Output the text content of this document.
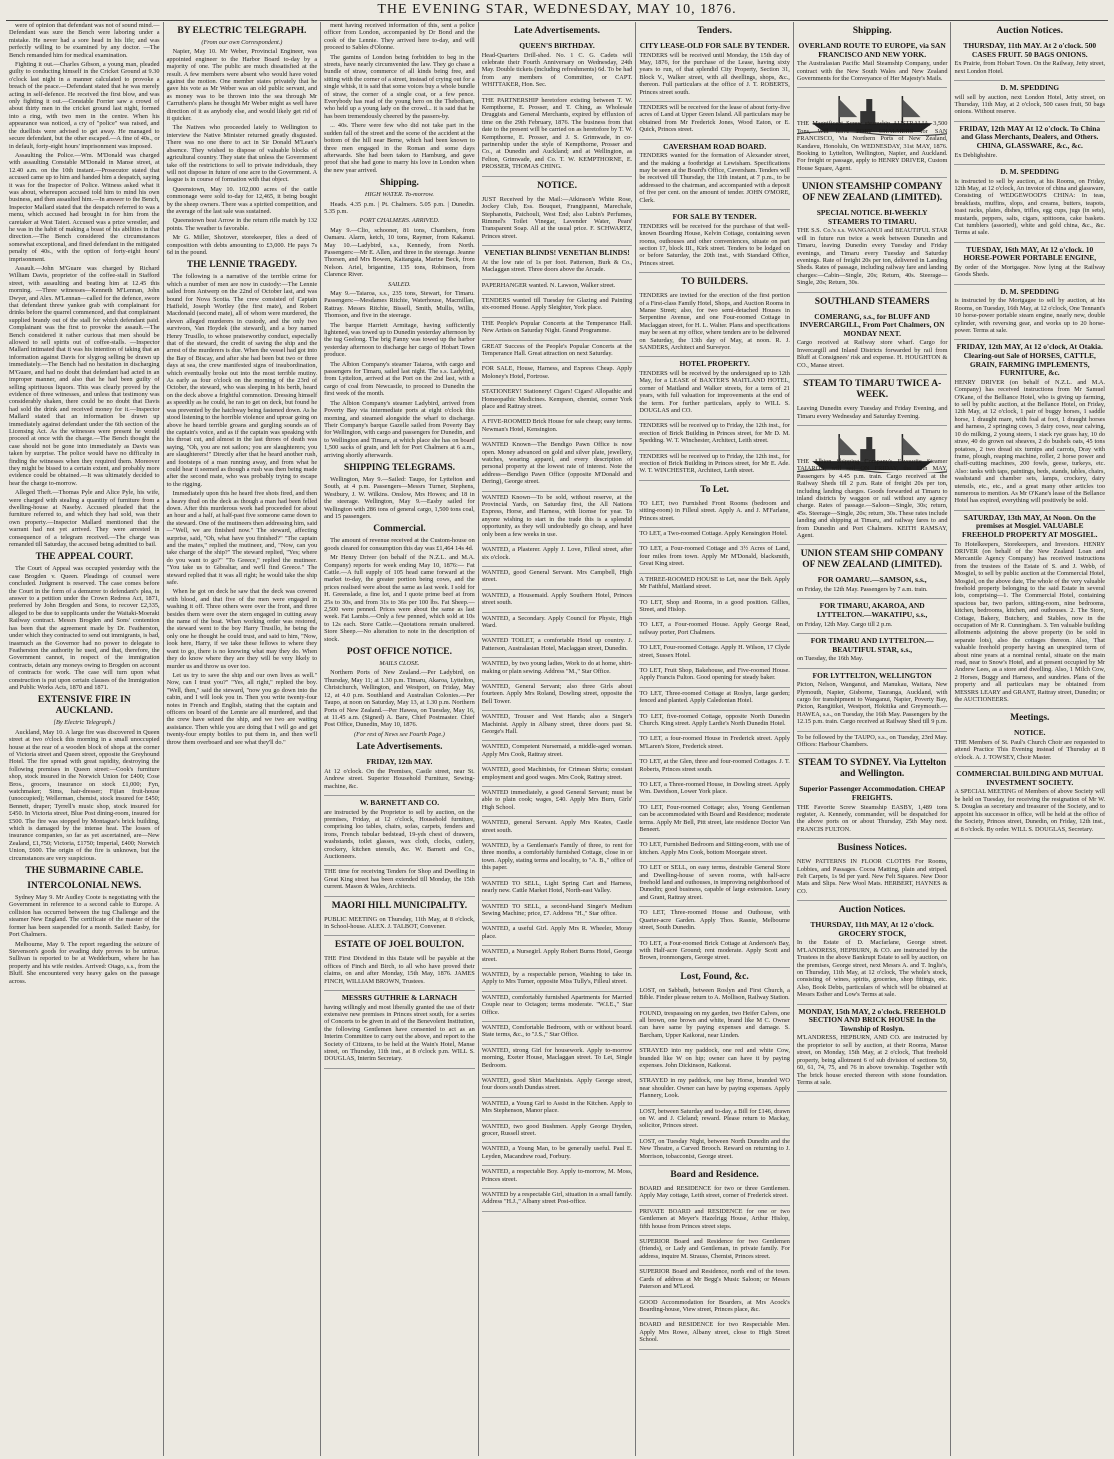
THE EVENING STAR, WEDNESDAY, MAY 10, 1876.

were of opinion that defendant was not of sound mind.—Defendant was sure the Bench were laboring under a mistake. He never had a sore head in his life; and was perfectly willing to be examined by any doctor. —The Bench remanded him for medical examination.

Fighting it out.—Charles Gibson, a young man, pleaded guilty to conducting himself in the Cricket Ground at 9.30 o'clock last night in a manner calculated to provoke a breach of the peace.—Defendant stated that he was merely acting in self-defence. He received the first blow, and was only fighting it out.—Constable Forrier saw a crowd of about thirty men in the cricket ground last night, formed into a ring, with two men in the centre. When his appearance was noticed, a cry of "police" was raised, and the duellists were advised to get away. He managed to secure defendant, but the other escaped.—A fine of 40s., or in default, forty-eight hours' imprisonment was imposed.

Assaulting the Police.—Wm. M'Donald was charged with assaulting Constable M'Donald in Manse street, at 12.40 a.m. on the 10th instant.—Prosecutor stated that accused came up to him and handed him a despatch, saying it was for the Inspector of Police. Witness asked what it was about, whereupon accused told him to mind his own business, and then assaulted him.—In answer to the Bench, Inspector Mallard stated that the despatch referred to was a menu, which accused had brought in for him from the caretaker at West Taieri. Accused was a prize wrestler, and he was in the habit of making a boast of his abilities in that direction.—The Bench considered the circumstances somewhat exceptional, and fined defendant in the mitigated penalty of 40s., with the option of forty-eight hours' imprisonment.

Assault.—John M'Guare was charged by Richard William Davis, proprietor of the coffee-stall in Stafford street, with assaulting and beating him at 12.45 this morning. —Three witnesses—Kenneth M'Lennan, John Dwyer, and Alex. M'Lennan—called for the defence, swore that defendant threw yankee grab with complainant for drinks before the quarrel commenced, and that complainant supplied brandy out of the stall for which defendant paid. Complainant was the first to provoke the assault.—The Bench considered it rather curious that men should be allowed to sell spirits out of coffee-stalls. —Inspector Mallard intimated that it was his intention of taking that an information against Davis for slygrog selling be drawn up immediately.—The Bench had no hesitation in discharging M'Guare, and had no doubt that defendant had acted in an improper manner, and also that he had been guilty of selling spirituous liquors. This was clearly proved by the evidence of three witnesses, and unless that testimony was considerably shaken, there could be no doubt that Davis had sold the drink and received money for it.—Inspector Mallard stated that an information be drawn up immediately against defendant under the 6th section of the Licensing Act. As the witnesses were present he would proceed at once with the charge.—The Bench thought the case should not be gone into immediately as Davis was taken by surprise. The police would have no difficulty in finding the witnesses when they required them. Moreover they might be bissed to a certain extent, and probably more evidence could be obtained.—It was ultimately decided to hear the charge to-morrow.

Alleged Theft.—Thomas Pyle and Alice Pyle, his wife, were charged with stealing a quantity of furniture from a dwelling-house at Naseby. Accused pleaded that the furniture referred to, and which they had sold, was their own property.—Inspector Mallard mentioned that the warrant had not yet arrived. They were arrested in consequence of a telegram received.—The charge was remanded till Saturday, the accused being admitted to bail.

THE APPEAL COURT.

The Court of Appeal was occupied yesterday with the case Brogden v. Queen. Pleadings of counsel were concluded. Judgment is reserved. The case comes before the Court in the form of a demurrer to defendant's plea, in answer to a petition under the Crown Redress Act, 1871, preferred by John Brogden and Sons, to recover £2,335, alleged to be due to supplicants under the Waitaki-Moeraki Railway contract. Messrs Brogden and Sons' contention has been that the agreement made by Dr. Featherston, under which they contracted to send out immigrants, is bad, inasmuch as the Governor had no power to delegate to Featherston the authority he used, and that, therefore, the Government cannot, in respect of the immigration contracts, detain any moneys owing to Brogden on account of contracts for work. The case will turn upon what construction is put upon certain clauses of the Immigration and Public Works Acts, 1870 and 1871.

EXTENSIVE FIRE IN AUCKLAND.
[By Electric Telegraph.]

Auckland, May 10. A large fire was discovered in Queen street at two o'clock this morning in a small unoccupied house at the rear of a wooden block of shops at the corner of Victoria street and Queen street, opposite the Greyhound Hotel. The fire spread with great rapidity, destroying the following premises in Queen street:—Cook's furniture shop, stock insured in the Norwich Union for £400; Cose Bros., grocers, insurance on stock £1,000; Fyn, watchmaker; Sims, hair-dresser; Fijian fruit-house (unoccupied); Wellerman, chemist, stock insured for £450; Bennett, draper; Tyrrell's music shop, stock insured for £450. In Victoria street, Blue Post dining-room, insured for £500. The fire was stopped by Montague's brick building, which is damaged by the intense heat. The losses of insurance companies, so far as yet ascertained, are—New Zealand, £1,750; Victoria, £1750; Imperial, £400; Norwich Union, £600. The origin of the fire is unknown, but the circumstances are very suspicious.

THE SUBMARINE CABLE.
INTERCOLONIAL NEWS.

Sydney May 9. Mr Audley Coote is negotiating with the Government in reference to a second cable to Europe. A collision has occurred between the tug Challenge and the steamer New England. The certificate of the master of the former has been suspended for a month. Sailed: Easby, for Port Chalmers.

Melbourne, May 9. The report regarding the seizure of Stevenson's goods for evading duty proves to be untrue. Sullivan is reported to be at Wedderburn, where he has property and his wife resides. Arrived: Otago, s.s., from the Bluff. She encountered very heavy gales on the passage across.

BY ELECTRIC TELEGRAPH.
(From our own Correspondent.)

Napier, May 10. Mr Weber, Provincial Engineer, was appointed engineer to the Harbor Board to-day by a majority of one. The public are much dissatisfied at the result. A few members were absent who would have voted against the motion. One member states privately that he gave his vote as Mr Weber was an old public servant, and as money was to be thrown into the sea through Mr Carruthers's plans he thought Mr Weber might as well have direction of it as anybody else, and would likely get rid of it quicker.

The Natives who proceeded lately to Wellington to interview the Native Minister returned greatly disgusted. There was no one there to act in Sir Donald M'Lean's absence. They wished to dispose of valuable blocks of agricultural country. They state that unless the Government take off the restrictions to sell to private individuals, they will not dispose in future of one acre to the Government. A league is in course of formation with that object.

Queenstown, May 10. 102,000 acres of the cattle commonage were sold to-day for 12,465, it being bought by the sheep owners. There was a spirited competition, and the average of the last sale was sustained.

Queenstown beat Arrow in the return rifle match by 132 points. The weather is favorable.

Mr G. Miller, Shotover, storekeeper, files a deed of composition with debts amounting to £3,000. He pays 7s 6d in the pound.

THE LENNIE TRAGEDY.

The following is a narrative of the terrible crime for which a number of men are now in custody:—The Lennie sailed from Antwerp on the 22nd of October last, and was bound for Nova Scotia. The crew consisted of Captain Hatfield, Joseph Wortley (the first mate), and Robert Macdonald (second mate), all of whom were murdered, the eleven alleged murderers in custody, and the only two survivors, Van Hoydek (the steward), and a boy named Henry Trusillo, to whose praiseworthy conduct, especially that of the steward, the credit of saving the ship and the arrest of the murderers is due. When the vessel had got into the Bay of Biscay, and after she had been but two or three days at sea, the crew manifested signs of insubordination, which eventually broke out into the most terrible mutiny. As early as four o'clock on the morning of the 23rd of October, the steward, who was sleeping in his berth, heard on the deck above a frightful commotion. Dressing himself as speedily as he could, he ran to get on deck, but found he was prevented by the hatchway being fastened down. As he stood listening to the horrible violence and uproar going on above he heard terrible groans and gurgling sounds as of the captain's voice, and as if the captain was speaking with his throat cut, and almost in the last throes of death was saying, "Oh, you are not sailors; you are slaughterers; you are slaughterers!" Directly after that he heard another rush, and footsteps of a man running away, and from what he could hear it seemed as though a rush was then being made after the second mate, who was probably trying to escape to the rigging.

Immediately upon this he heard five shots fired, and then a heavy thud on the deck as though a man had been felled down. After this murderous work had proceeded for about an hour and a half, at half-past five someone came down to the steward. One of the mutineers then addressing him, said—"Well, we are finished now." The steward, affecting surprise, said, "Oh, what have you finished?" "The captain and the mates," replied the mutineer, and, "Now, can you take charge of the ship?" The steward replied, "Yes; where do you want to go?" "To Greece," replied the mutineer. "You take us to Gibraltar, and we'll find Greece." The steward replied that it was all right; he would take the ship safe.

When he got on deck he saw that the deck was covered with blood, and that five of the men were engaged in washing it off. Three others were over the front, and three besides them were over the stern engaged in cutting away the name of the boat. When working order was restored, the steward went to the boy Harry Trusillo, he being the only one he thought he could trust, and said to him, "Now, look here, Harry, if we take these fellows to where they want to go, there is no knowing what may they do. When they do know where they are they will be very likely to murder us and throw us over too.

Let us try to save the ship and our own lives as well." Now, can I trust you?" "Yes, all right," replied the boy. "Well, then," said the steward, "now you go down into the cabin, and I will look you in. Then you write twenty-four notes in French and English, stating that the captain and officers on board of the Lennie are all murdered, and that the crew have seized the ship, and we two are waiting assistance. Then while you are doing that I will go and get twenty-four empty bottles to put them in, and then we'll throw them overboard and see what they'll do."

ment having received information of this, sent a police officer from London, accompanied by Dr Bond and the cook of the Lennie. They arrived here to-day, and will proceed to Sables d'Olonne.

The gamins of London being forbidden to beg in the streets, have nearly circumvented the law. They go chase a bundle of straw, commerce of all kinds being free, and sitting with the corner of a street, instead of crying out for a single whisk, it is said that some voices buy a whole bundle of straw, the corner of a single coat, or a few pence. Everybody has read of the young hero on the Thebotham, who held up a young lady on the crowd... it is said that he has been tremendously cheered by the passers-by.

... 40s. There were few who did not take part in the sudden fall of the street and the scene of the accident at the bottom of the hill near Berne, which had been known to three men engaged in the Roman and some days afterwards. She had been taken to Hamburg, and gave proof that she had gone to marry his love in London when the new year arrived.

Shipping.
HIGH WATER. To-morrow.

Heads. 4.35 p.m. | Pt. Chalmers. 5.05 p.m. | Dunedin. 5.35 p.m.

PORT CHALMERS. ARRIVED.

May 9.—Clio, schooner, 81 tons, Chambers, from Oamaru. Alarm, ketch, 10 tons, Raymer, from Kakanui. May 10.—Ladybird, s.s., Kennedy, from North. Passengers:—Mr E. Allen, and three in the steerage. Jeanne Thorsen, and Mrs Bowen, Kaitangata, Marine Beck, from Nelson. Ariel, brigantine, 135 tons, Robinson, from Clarence River.

SAILED.

May 9.—Taiaroa, s.s., 235 tons, Stewart, for Timaru. Passengers:—Mesdames Ritchie, Waterhouse, Macmillan, Rattray. Messrs Ritchie, Bissell, Smith, Mullis, Willis, Thomson, and five in the steerage.

The barque Harriett Armitage, having sufficiently lightened, was towed up to Dunedin yesterday afternoon by the tug Geelong. The brig Fanny was towed up the harbor yesterday afternoon to discharge her cargo of Hobart Town produce.

The Albion Company's steamer Taiaroa, with cargo and passengers for Timaru, sailed last night. The s.s. Ladybird, from Lyttelton, arrived at the Port on the 2nd last, with a cargo of coal from Newcastle, to proceed to Dunedin the first week of the month.

The Albion Company's steamer Ladybird, arrived from Poverty Bay via intermediate ports at eight o'clock this morning, and steamed alongside the wharf to discharge. Their Company's barque Gazelle sailed from Poverty Bay for Wellington, with cargo and passengers for Dunedin, and to Wellington and Timaru, at which place she has on board 1,500 sacks of grain, and left for Port Chalmers at 6 a.m., arriving shortly afterwards.

SHIPPING TELEGRAMS.

Wellington, May 9.—Sailed: Taupo, for Lyttelton and South, at 4 p.m. Passengers—Messrs Turner, Stephens, Westbury, J. W. Wilkins. Onslow, Mrs Howes; and 18 in the steerage. Wellington, May 9.—Easby sailed for Wellington with 286 tons of general cargo, 1,500 tons coal, and 15 passengers.

Commercial.

The amount of revenue received at the Custom-house on goods cleared for consumption this day was £1,464 14s 4d.

Mr Henry Driver (on behalf of the N.Z.L. and M.A. Company) reports for week ending May 10, 1876:— Fat Cattle.—A full supply of 105 head came forward at the market to-day, the greater portion being cows, and the prices realised were about the same as last week. I sold for H. Greenslade, a fine lot, and I quote prime beef at from 25s to 30s, and from 31s to 36s per 100 lbs. Fat Sheep.—2,500 were penned. Prices were about the same as last week. Fat Lambs.—Only a few penned, which sold at 10s to 12s each. Store Cattle.—Quotations remain unaltered. Store Sheep.—No alteration to note in the description of stock.

POST OFFICE NOTICE.
MAILS CLOSE.

Northern Ports of New Zealand.—Per Ladybird, on Thursday, May 11; at 1.30 p.m. Timaru, Akaroa, Lyttelton, Christchurch, Wellington, and Westport, on Friday, May 12, at 4.0 p.m. Southland and Australian Colonies.—Per Taupo, at noon on Saturday, May 13, at 1.30 p.m. Northern Ports of New Zealand.—Per Hawea, on Tuesday, May 16, at 11.45 a.m. (Signed) A. Bare, Chief Postmaster. Chief Post Office, Dunedin, May 10, 1876.

(For rest of News see Fourth Page.)
Late Advertisements.
FRIDAY, 12th MAY.

At 12 o'clock. On the Premises, Castle street, near St. Andrew street. Superior Household Furniture, Sewing-machine, &c.

W. BARNETT AND CO.

are instructed by the Proprietor to sell by auction, on the premises, Friday, at 12 o'clock, Household furniture, comprising loo tables, chairs, sofas, carpets, fenders and irons, French tubular bedstead, 19-yds chest of drawers, washstands, toilet glasses, wax cloth, clocks, cutlery, crockery, kitchen utensils, &c. W. Barnett and Co., Auctioneers.

THE time for receiving Tenders for Shop and Dwelling in Great King street has been extended till Monday, the 15th current. Mason & Wales, Architects.

MAORI HILL MUNICIPALITY.

PUBLIC MEETING on Thursday, 11th May, at 8 o'clock, in School-house. ALEX. J. TALBOT, Convener.

ESTATE OF JOEL BOULTON.

THE First Dividend in this Estate will be payable at the offices of Finch and Birch, to all who have proved their claims, on and after Monday, 15th May, 1876. JAMES FINCH, WILLIAM BROWN, Trustees.

MESSRS GUTHRIE & LARNACH

having willingly and most liberally granted the use of their extensive new premises in Princes street south, for a series of Concerts to be given in aid of the Benevolent Institution, the following Gentlemen have consented to act as an Interim Committee to carry out the above, and report to the Society of Citizens, to be held at the Wain's Hotel, Manse street, on Thursday, 11th inst., at 8 o'clock p.m. WILL S. DOUGLAS, Interim Secretary.

Late Advertisements.
QUEEN'S BIRTHDAY.

Head-Quarters Drill-shed. No. 1 C. G. Cadets will celebrate their Fourth Anniversary on Wednesday, 24th May. Double tickets (including refreshments) 6d. To be had from any members of Committee, or CAPT. WHITTAKER, Hon. Sec.

THE PARTNERSHIP heretofore existing between T. W. Kempthorne, E. Prosser, and T. Ching, as Wholesale Druggists and General Merchants, expired by effluxion of time on the 29th February, 1876. The business from that date to the present will be carried on as heretofore by T. W. Kempthorne, E. Prosser, and J. S. Grimwade, in co-partnership under the style of Kempthorne, Prosser and Co., at Dunedin and Auckland; and at Wellington, as Felton, Grimwade, and Co. T. W. KEMPTHORNE, E. PROSSER, THOMAS CHING.

NOTICE.

JUST Received by the Mail:—Atkinson's White Rose, Jockey Club, Ess. Bouquet, Frangipanni, Marechale, Stephanotis, Patchouli, West End; also Lubin's Perfumes, Rimmel's Toilet Vinegar, Lavender Water, Pears' Transparent Soap. All at the usual price. F. SCHWARTZ, Princes street.

VENETIAN BLINDS! VENETIAN BLINDS!

At the low rate of 1s per foot. Patterson, Burk & Co., Maclaggan street. Three doors above the Arcade.

PAPERHANGER wanted. N. Lawson, Walker street.

TENDERS wanted till Tuesday for Glazing and Painting six-roomed House. Apply Sleighter, York place.

THE People's Popular Concerts at the Temperance Hall. New Artists on Saturday Night. Grand Programme.

GREAT Success of the People's Popular Concerts at the Temperance Hall. Great attraction on next Saturday.

FOR SALE, House, Harness, and Express Cheap. Apply Moloney's Hotel, Fortrose.

STATIONERY! Stationery! Cigars! Cigars! Allopathic and Homeopathic Medicines. Kempson, chemist, corner York place and Rattray street.

A FIVE-ROOMED Brick House for sale cheap; easy terms. Newman's Hotel, Kensington.

WANTED Known—The Bendigo Pawn Office is now open. Money advanced on gold and silver plate, jewellery, watches, wearing apparel, and every description of personal property at the lowest rate of interest. Note the address—Bendigo Pawn Office (opposite M'Donald and Dering), George street.

WANTED Known—To be sold, without reserve, at the Provincial Yards, on Saturday first, the All Nations Express, Horse, and Harness, with license for year. To anyone wishing to start in the trade this is a splendid opportunity, as they will undoubtedly go cheap, and have only been a few weeks in use.

WANTED, a Plasterer. Apply J. Love, Filleul street, after six o'clock.

WANTED, good General Servant. Mrs Campbell, High street.

WANTED, a Housemaid. Apply Southern Hotel, Princes street south.

WANTED, a Secondary. Apply Council for Physic, High Ward.

WANTED TOILET, a comfortable Hotel up country. J. Patterson, Australasian Hotel, Maclaggan street, Dunedin.

WANTED, by two young ladies, Work to do at home, shirt-making or plain sewing. Address "M.," Star Office.

WANTED, General Servant; also three Girls about fourteen. Apply Mrs Roland, Dowling street, opposite the Bell Tower.

WANTED, Trouser and Vest Hands; also a Singer's Machinist. Apply in Albany street, three doors past St. George's Hall.

WANTED, Competent Nursemaid, a middle-aged woman. Apply Mrs Cook, Rattray street.

WANTED, good Machinists, for Crimean Shirts; constant employment and good wages. Mrs Cook, Rattray street.

WANTED immediately, a good General Servant; must be able to plain cook; wages, £40. Apply Mrs Burn, Girls' High School.

WANTED, general Servant. Apply Mrs Keates, Castle street south.

WANTED, by a Gentleman's Family of three, to rent for three months, a comfortably furnished Cottage, close in or town. Apply, stating terms and locality, to "A. B.," office of this paper.

WANTED TO SELL, Light Spring Cart and Harness, nearly new. Cattle Market Hotel, North-east Valley.

WANTED TO SELL, a second-hand Singer's Medium Sewing Machine; price, £7. Address "H.," Star office.

WANTED, a useful Girl. Apply Mrs R. Wheeler, Moray place.

WANTED, a Nursegirl. Apply Robert Burns Hotel, George street.

WANTED, by a respectable person, Washing to take in. Apply to Mrs Turner, opposite Miss Tully's, Filleul street.

WANTED, comfortably furnished Apartments for Married Couple near to Octagon; terms moderate. "W.I.E.," Star Office.

WANTED, Comfortable Bedroom, with or without board. State terms, &c., to "J.S.," Star Office.

WANTED, strong Girl for housework. Apply to-morrow morning, Exeter House, Maclaggan street. To Let, Single Bedroom.

WANTED, good Shirt Machinists. Apply George street, four doors south Dundas street.

WANTED, a Young Girl to Assist in the Kitchen. Apply to Mrs Stephenson, Manor place.

WANTED, two good Bushmen. Apply George Dryden, grocer, Russell street.

WANTED, a Young Man, to be generally useful. Paul E. Leyden, Macandrew road, Forbury.

WANTED, a respectable Boy. Apply to-morrow, M. Moss, Princes street.

WANTED by a respectable Girl, situation in a small family. Address "H.J.," Albany street Post-office.

Tenders.
CITY LEASE-OLD FOR SALE BY TENDER.

TENDERS will be received until Monday, the 15th day of May, 1876, for the purchase of the Lease, having sixty years to run, of that splendid City Property, Section 31, Block V., Walker street, with all dwellings, shops, &c., thereon. Full particulars at the office of J. T. ROBERTS, Princes street south.

TENDERS will be received for the lease of about forty-five acres of Land at Upper Green Island. All particulars may be obtained from Mr Frederick Jones, Wood Eaton, or E. Quick, Princes street.

CAVERSHAM ROAD BOARD.

TENDERS wanted for the formation of Alexander street, and the making a footbridge at Lewisham. Specifications may be seen at the Board's Office, Caversham. Tenders will be received till Thursday, the 11th instant, at 7 p.m., to be addressed to the chairman, and accompanied with a deposit of five per cent. on the amount of tender. JOHN O'MORE, Clerk.

FOR SALE BY TENDER.

TENDERS will be received for the purchase of that well-known Boarding House, Kelvin Cottage, containing seven rooms, outhouses and other conveniences, situate on part section 17, block III., Kirk street. Tenders to be lodged on or before Saturday, the 20th inst., with Standard Office, Princes street.

TO BUILDERS.

TENDERS are invited for the erection of the first portion of a First-class Family Hotel, Shops, and Auction Rooms in Manse Street; also, for two semi-detached Houses in Serpentine Avenue, and one Four-roomed Cottage in Maclaggan street, for H. L. Walter. Plans and specifications may be seen at my office, where tenders are to be delivered on Saturday, the 13th day of May, at noon. R. J. SANDERS, Architect and Surveyor.

HOTEL PROPERTY.

TENDERS will be received by the undersigned up to 12th May, for a LEASE of BAXTER'S MAITLAND HOTEL, corner of Maitland and Walker streets, for a term of 21 years, with full valuation for improvements at the end of the term. For further particulars, apply to WILL S. DOUGLAS and CO.

TENDERS will be received up to Friday, the 12th inst., for erection of Brick Building in Princes street, for Mr D. M. Spedding. W. T. Winchester, Architect, Leith street.

TENDERS will be received up to Friday, the 12th inst., for erection of Brick Building in Princes street, for Mr E. Ade. W. T. WINCHESTER, Architect, Leith street.

To Let.

TO LET, two Furnished Front Rooms (bedroom and sitting-room) in Filleul street. Apply A. and J. M'Farlane, Princes street.

TO LET, a Two-roomed Cottage. Apply Kensington Hotel.

TO LET, a Four-roomed Cottage and 3½ Acres of Land, four miles from town. Apply Mr M'Donald, blacksmith, Great King street.

A THREE-ROOMED HOUSE to Let, near the Belt. Apply Mr Faithful, Maitland street.

TO LET, Shop and Rooms, in a good position. Gillies, Street, and Hislop.

TO LET, a Four-roomed House. Apply George Read, railway porter, Port Chalmers.

TO LET, Four-roomed Cottage. Apply H. Wilson, 17 Clyde street, Sussex Hotel.

TO LET, Fruit Shop, Bakehouse, and Five-roomed House. Apply Francis Fulton. Good opening for steady baker.

TO LET, Three-roomed Cottage at Roslyn, large garden; fenced and planted. Apply Caledonian Hotel.

TO LET, five-roomed Cottage, opposite North Dunedin Church. King street. Apply Lardie's North Dunedin Hotel.

TO LET, a four-roomed House in Frederick street. Apply M'Laren's Store, Frederick street.

TO LET, at the Glen, three and four-roomed Cottages. J. T. Roberts, Princes street south.

TO LET, a Three-roomed House, in Dowling street. Apply Wm. Davidson, Lower York place.

TO LET, Four-roomed Cottage; also, Young Gentleman can be accommodated with Board and Residence; moderate terms. Apply Mr Bell, Pitt street, late residence Doctor Van Beneert.

TO LET, Furnished Bedroom and Sitting-room, with use of kitchen. Apply Mrs Cook, bottom Moorgate street.

TO LET or SELL, on easy terms, desirable General Store and Dwelling-house of seven rooms, with half-acre freehold land and outhouses, in improving neighborhood of Dunedin; good business, capable of large extension. Leary and Grant, Rattray street.

TO LET, Three-roomed House and Outhouse, with Quarter-acre Garden. Apply Thos. Rasnie, Melbourne street, South Dunedin.

TO LET, a Four-roomed Brick Cottage at Anderson's Bay, with Half-acre Ground; rent moderate. Apply Scott and Brown, ironmongers, George street.

Lost, Found, &c.

LOST, on Sabbath, between Roslyn and First Church, a Bible. Finder please return to A. Mollison, Railway Station.

FOUND, trespassing on my garden, two Heifer Calves, one all brown, one brown and white, brand like M C. Owner can have same by paying expenses and damage. S. Barcham, Upper Kaikorai, near Linden.

STRAYED into my paddock, one red and white Cow, branded like W on hip; owner can have it by paying expenses. John Dickinson, Kaikorai.

STRAYED in my paddock, one bay Horse, branded WO near shoulder. Owner can have by paying expenses. Apply Flannery, Look.

LOST, between Saturday and to-day, a Bill for £146, drawn on W. and J. Cleland; reward. Please return to Mackay, solicitor, Princes street.

LOST, on Tuesday Night, between North Dunedin and the New Theatre, a Carved Brooch. Reward on returning to J. Morrison, tobacconist, George street.

Board and Residence.

BOARD and RESIDENCE for two or three Gentlemen. Apply May cottage, Leith street, corner of Frederick street.

PRIVATE BOARD and RESIDENCE for one or two Gentlemen at Meyer's Hazelrigg House, Arthur Hislop, fifth house from Princes street steps.

SUPERIOR Board and Residence for two Gentlemen (friends), or Lady and Gentleman, in private family. For address, inquire M. Strauss, Chemist, Princes street.

SUPERIOR Board and Residence, north end of the town. Cards of address at Mr Begg's Music Saloon; or Messrs Paterson and M'Leod.

GOOD Accommodation for Boarders, at Mrs Acock's Boarding-house, View street, Princes place, &c.

BOARD and RESIDENCE for two Respectable Men. Apply Mrs Rowe, Albany street, close to High Street School.

Shipping.
OVERLAND ROUTE TO EUROPE, via SAN FRANCISCO AND NEW YORK.

The Australasian Pacific Mail Steamship Company, under contract with the New South Wales and New Zealand Governments for the Conveyance of Her Majesty's Mails.

THE Magnificent Screw steamship AUSTRALIA, 3,500 Tons, Will leave PORT CHALMERS for SAN FRANCISCO, Via Northern Ports of New Zealand, Kandavu, Honolulu, On WEDNESDAY, 31st MAY, 1876. Booking to Lyttelton, Wellington, Napier, and Auckland. For freight or passage, apply to HENRY DRIVER, Custom House Square, Agent.

UNION STEAMSHIP COMPANY OF NEW ZEALAND (LIMITED).
SPECIAL NOTICE. BI-WEEKLY STEAMERS TO TIMARU.

THE S.S. Co.'s s.s. WANGANUI and BEAUTIFUL STAR will in future run twice a week between Dunedin and Timaru, leaving Dunedin every Tuesday and Friday evenings, and Timaru every Tuesday and Saturday evenings. Rate of freight 20s per ton, delivered in Landing Sheds. Rates of passage, including railway fare and landing charges:—Cabin—Single, 20s; Return, 40s. Steerage—Single, 20s; Return, 30s.

SOUTHLAND STEAMERS
COMERANG, s.s., for BLUFF AND INVERCARGILL, From Port Chalmers, ON MONDAY NEXT.

Cargo received at Railway store wharf. Cargo for Invercargill and Inland Districts forwarded by rail from Bluff at Consignees' risk and expense. H. HOUGHTON & CO., Manse street.

STEAM TO TIMARU TWICE A-WEEK.

Leaving Dunedin every Tuesday and Friday Evening, and Timaru every Wednesday and Saturday Evening.

THE Albion Shipping Company's Favourite Steamer TAIAROA, will sail ON FRIDAY, the 12th MAY, Passengers by 4.45 p.m. train. Cargo received at the Railway Sheds till 2 p.m. Rate of freight 20s per ton, including landing charges. Goods forwarded at Timaru to inland districts by waggon or rail without any agency charge. Rates of passage.—Saloon—Single, 30s; return, 45s. Steerage—Single, 20s; return, 30s. These rates include landing and shipping at Timaru, and railway fares to and from Dunedin and Port Chalmers. KEITH RAMSAY, Agent.

UNION STEAM SHIP COMPANY OF NEW ZEALAND (LIMITED).
FOR OAMARU.—SAMSON, s.s.,

on Friday, the 12th May. Passengers by 7 a.m. train.

FOR TIMARU, AKAROA, AND LYTTELTON.—WAKATIPU, s.s.,

on Friday, 12th May. Cargo till 2 p.m.

FOR TIMARU AND LYTTELTON.—BEAUTIFUL STAR, s.s.,

on Tuesday, the 16th May.

FOR LYTTELTON, WELLINGTON

Picton, Nelson, Wanganui, and Manukau, Waitara, New Plymouth, Napier, Gisborne, Tauranga, Auckland, with cargo for transhipment to Wanganui, Napier, Poverty Bay, Picton, Rangitikei, Westport, Hokitika and Greymouth.—HAWEA, s.s., on Tuesday, the 16th May. Passengers by the 12.15 p.m. train. Cargo received at Railway Shed till 9 p.m.

To be followed by the TAUPO, s.s., on Tuesday, 23rd May. Offices: Harbour Chambers.

STEAM TO SYDNEY. Via Lyttelton and Wellington.
Superior Passenger Accommodation. CHEAP FREIGHTS.

THE Favorite Screw Steamship EASBY, 1,489 tons register, A. Kennedy, commander, will be despatched for the above ports on or about Thursday, 25th May next. FRANCIS FULTON.

Business Notices.

NEW PATTERNS IN FLOOR CLOTHS For Rooms, Lobbies, and Passages. Cocoa Matting, plain and striped. Felt Carpets, 1s 9d per yard. New Felt Squares. New Door Mats and Slips. New Wool Mats. HERBERT, HAYNES & CO.

Auction Notices.
THURSDAY, 11th MAY, At 12 o'clock. GROCERY STOCK,

In the Estate of D. Macfarlane, George street. M'LANDRESS, HEPBURN, & CO. are instructed by the Trustees in the above Bankrupt Estate to sell by auction, on the premises, George street, next Messrs A. and T. Inglis's, on Thursday, 11th May, at 12 o'clock, The whole's stock, consisting of wines, spirits, groceries, shop fittings, etc. Also, Book Debts, particulars of which will be obtained at Messrs Esther and Low's Terms at sale.

MONDAY, 15th MAY, 2 o'clock. FREEHOLD SECTION AND BRICK HOUSE In the Township of Roslyn.

M'LANDRESS, HEPBURN, AND CO. are instructed by the proprietor to sell by auction, at their Rooms, Manse street, on Monday, 15th May, at 2 o'clock, That freehold property, being allotment 6 of sub division of sections 59, 60, 61, 74, 75, and 76 in above township. Together with The brick house erected thereon with stone foundation. Terms at sale.

Auction Notices.
THURSDAY, 11th MAY. At 2 o'clock. 500 CASES FRUIT. 50 BAGS ONIONS.

Ex Prairie, from Hobart Town. On the Railway, Jetty street, next London Hotel.

D. M. SPEDDING

will sell by auction, next London Hotel, Jetty street, on Thursday, 11th May, at 2 o'clock, 500 cases fruit, 50 bags onions. Without reserve.

FRIDAY, 12th MAY At 12 o'clock. To China and Glass Merchants, Dealers, and Others. CHINA, GLASSWARE, &c., &c.

Ex Deblighshire.

D. M. SPEDDING

is instructed to sell by auction, at his Rooms, on Friday, 12th May, at 12 o'clock, An invoice of china and glassware, Consisting of WEDGEWOOD'S CHINA: In teas, breakfasts, muffins, slops, and creams, butters, teapots, toast racks, plates, dishes, trifles, egg cups, jugs (in sets), mustards, peppers, salts, cigars, spittoons, cake baskets. Cut tumblers (assorted), white and gold china, &c., &c. Terms at sale.

TUESDAY, 16th MAY, At 12 o'clock. 10 HORSE-POWER PORTABLE ENGINE,

By order of the Mortgagee. Now lying at the Railway Goods Sheds.

D. M. SPEDDING

is instructed by the Mortgagee to sell by auction, at his Rooms, on Tuesday, 16th May, at 12 o'clock, One Tennant's 10 horse-power portable steam engine, nearly new, double cylinder, with reversing gear, and works up to 20 horse-power. Terms at sale.

FRIDAY, 12th MAY, At 12 o'clock, At Otakia. Clearing-out Sale of HORSES, CATTLE, GRAIN, FARMING IMPLEMENTS, FURNITURE, &c.

HENRY DRIVER (on behalf of N.Z.L. and M.A. Company) has received instructions from Mr Samuel O'Kane, of the Belliance Hotel, who is giving up farming, to sell by public auction, at the Bellance Hotel, on Friday, 12th May, at 12 o'clock, 1 pair of buggy horses, 1 saddle horse, 1 draught mare, with foal at foot, 1 draught horses and harness, 2 springing cows, 3 dairy cows, near calving, 10 do milking, 2 young steers, 1 stack rye grass hay, 10 do straw, 40 do grown oat sheaves, 2 do bushels oats, 45 tons potatoes, 2 two dread six turnips and carrots, Dray with frame, plough, reaping machine, roller, 2 horse power and chaff-cutting machines, 200 fowls, geese, turkeys, etc. Also: tanks with taps, paintings, beds, stands, tables, chairs, washstand and chamber sets, lamps, crockery, dairy utensils, etc., etc., and a great many other articles too numerous to mention. As Mr O'Kane's lease of the Bellance Hotel has expired, everything will positively be sold.

SATURDAY, 13th MAY, At Noon. On the premises at Mosgiel. VALUABLE FREEHOLD PROPERTY AT MOSGIEL.

To Hotelkeepers, Storekeepers, and Investors. HENRY DRIVER (on behalf of the New Zealand Loan and Mercantile Agency Company) has received instructions from the trustees of the Estate of S. and J. Webb, of Mosgiel, to sell by public auction at the Commercial Hotel, Mosgiel, on the above date, The whole of the very valuable freehold property belonging to the said Estate in several lots, comprising—1. The Commercial Hotel, containing spacious bar, two parlors, sitting-room, nine bedrooms, kitchen, bedrooms, kitchen, and outhouses. 2. The Store, Cottage, Bakery, Butchery, and Stables, now in the occupation of Mr R. Cunningham. 3. Ten valuable building allotments adjoining the above property (to be sold in separate lots), also the cottages thereon. Also, That valuable freehold property having an unexpired term of about nine years at a nominal rental, situate on the main road, near to Snow's Hotel, and at present occupied by Mr Andrew Lees, as a store and dwelling. Also, 1 Milch Cow, 2 Horses, Buggy and Harness, and sundries. Plans of the property and all particulars may be obtained from MESSRS LEARY and GRANT, Rattray street, Dunedin; or the AUCTIONEERS.

Meetings.
NOTICE.

THE Members of St. Paul's Church Choir are requested to attend Practice This Evening instead of Thursday at 8 o'clock. A. J. TOWSEY, Choir Master.

COMMERCIAL BUILDING AND MUTUAL INVESTMENT SOCIETY.

A SPECIAL MEETING of Members of above Society will be held on Tuesday, for receiving the resignation of Mr W. S. Douglas as secretary and treasurer of the Society, and to appoint his successor in office, will be held at the office of the Society, Princes street, Dunedin, on Friday, 12th inst., at 8 o'clock. By order. WILL S. DOUGLAS, Secretary.
